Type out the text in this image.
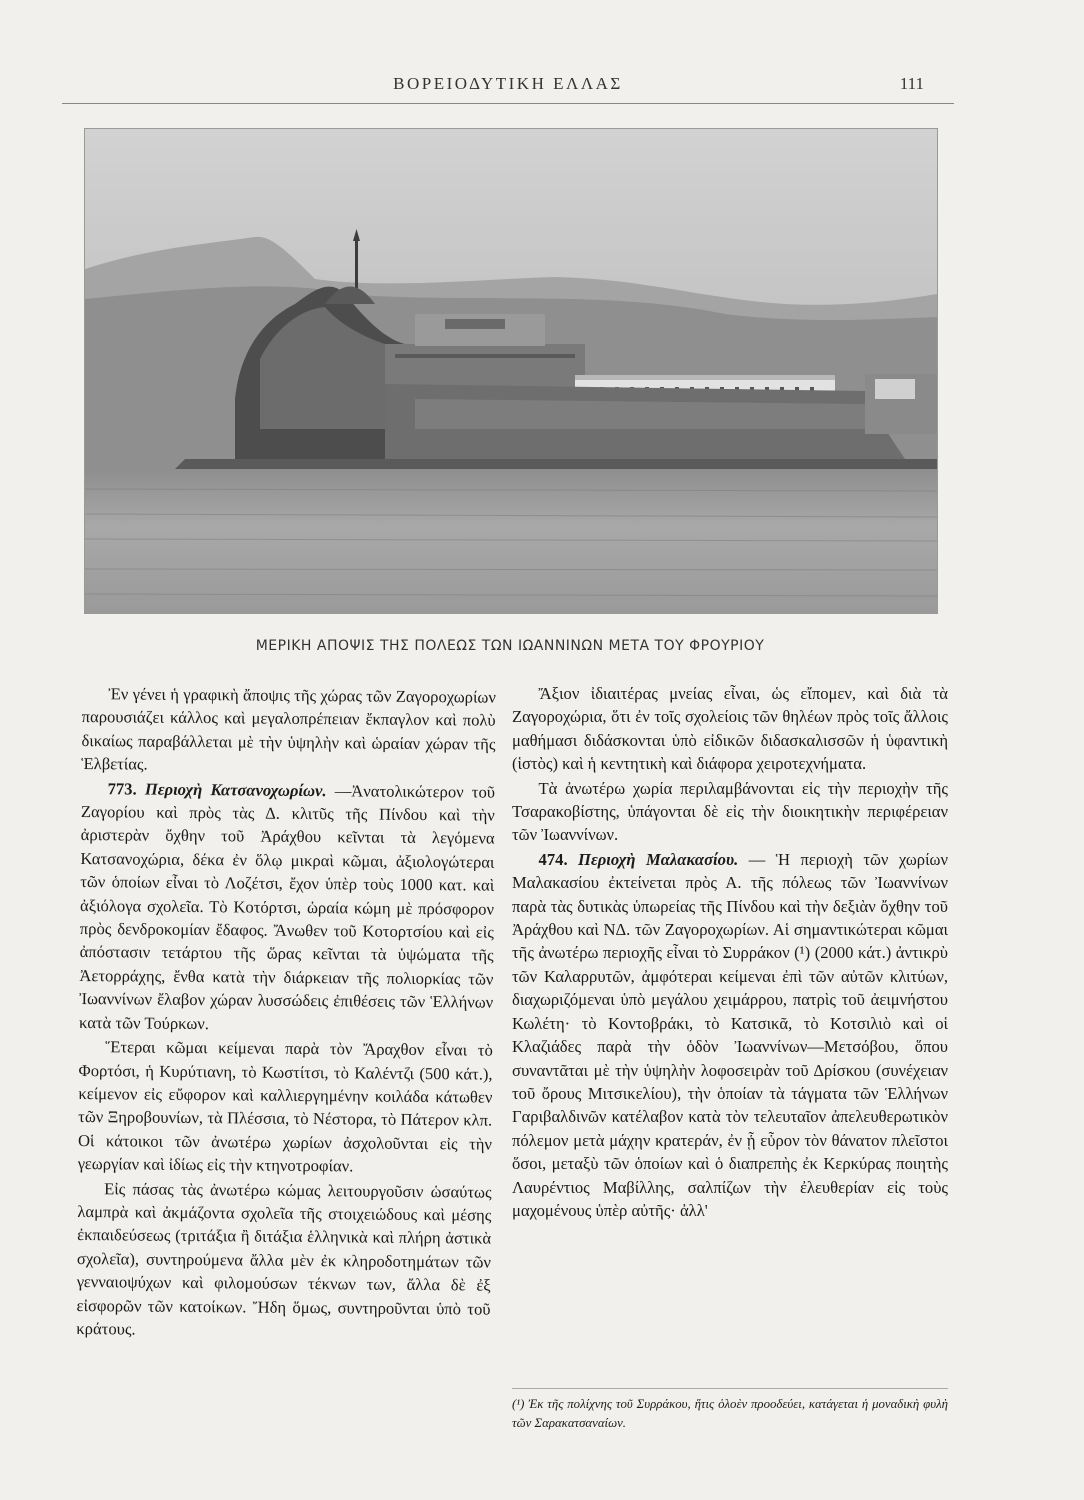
ΒΟΡΕΙΟΔΥΤΙΚΗ ΕΛΛΑΣ	111
ΜΕΡΙΚΗ ΑΠΟΨΙΣ ΤΗΣ ΠΟΛΕΩΣ ΤΩΝ ΙΩΑΝΝΙΝΩΝ ΜΕΤΑ ΤΟΥ ΦΡΟΥΡΙΟΥ

Ἐν γένει ἡ γραφικὴ ἄποψις τῆς χώρας τῶν Ζαγοροχωρίων παρουσιάζει κάλλος καὶ μεγαλοπρέπειαν ἔκπαγλον καὶ πολὺ δικαίως παραβάλλεται μὲ τὴν ὑψηλὴν καὶ ὡραίαν χώραν τῆς Ἑλβετίας.

773. Περιοχὴ Κατσανοχωρίων. —Ἀνατολικώτερον τοῦ Ζαγορίου καὶ πρὸς τὰς Δ. κλιτῦς τῆς Πίνδου καὶ τὴν ἀριστερὰν ὄχθην τοῦ Ἀράχθου κεῖνται τὰ λεγόμενα Κατσανοχώρια, δέκα ἐν ὅλῳ μικραὶ κῶμαι, ἀξιολογώτεραι τῶν ὁποίων εἶναι τὸ Λοζέτσι, ἔχον ὑπὲρ τοὺς 1000 κατ. καὶ ἀξιόλογα σχολεῖα. Τὸ Κοτόρτσι, ὡραία κώμη μὲ πρόσφορον πρὸς δενδροκομίαν ἔδαφος. Ἄνωθεν τοῦ Κοτορτσίου καὶ εἰς ἀπόστασιν τετάρτου τῆς ὥρας κεῖνται τὰ ὑψώματα τῆς Ἀετορράχης, ἔνθα κατὰ τὴν διάρκειαν τῆς πολιορκίας τῶν Ἰωαννίνων ἔλαβον χώραν λυσσώδεις ἐπιθέσεις τῶν Ἑλλήνων κατὰ τῶν Τούρκων.

Ἕτεραι κῶμαι κείμεναι παρὰ τὸν Ἄραχθον εἶναι τὸ Φορτόσι, ἡ Κυρύτιανη, τὸ Κωστίτσι, τὸ Καλέντζι (500 κάτ.), κείμενον εἰς εὔφορον καὶ καλλιεργημένην κοιλάδα κάτωθεν τῶν Ξηροβουνίων, τὰ Πλέσσια, τὸ Νέστορα, τὸ Πάτερον κλπ. Οἱ κάτοικοι τῶν ἀνωτέρω χωρίων ἀσχολοῦνται εἰς τὴν γεωργίαν καὶ ἰδίως εἰς τὴν κτηνοτροφίαν.

Εἰς πάσας τὰς ἀνωτέρω κώμας λειτουργοῦσιν ὡσαύτως λαμπρὰ καὶ ἀκμάζοντα σχολεῖα τῆς στοιχειώδους καὶ μέσης ἐκπαιδεύσεως (τριτάξια ἢ διτάξια ἑλληνικὰ καὶ πλήρη ἀστικὰ σχολεῖα), συντηρούμενα ἄλλα μὲν ἐκ κληροδοτημάτων τῶν γενναιοψύχων καὶ φιλομούσων τέκνων των, ἄλλα δὲ ἐξ εἰσφορῶν τῶν κατοίκων. Ἤδη ὅμως, συντηροῦνται ὑπὸ τοῦ κράτους.

Ἄξιον ἰδιαιτέρας μνείας εἶναι, ὡς εἴπομεν, καὶ διὰ τὰ Ζαγοροχώρια, ὅτι ἐν τοῖς σχολείοις τῶν θηλέων πρὸς τοῖς ἄλλοις μαθήμασι διδάσκονται ὑπὸ εἰδικῶν διδασκαλισσῶν ἡ ὑφαντικὴ (ἱστὸς) καὶ ἡ κεντητικὴ καὶ διάφορα χειροτεχνήματα.

Τὰ ἀνωτέρω χωρία περιλαμβάνονται εἰς τὴν περιοχὴν τῆς Τσαρακοβίστης, ὑπάγονται δὲ εἰς τὴν διοικητικὴν περιφέρειαν τῶν Ἰωαννίνων.

474. Περιοχὴ Μαλακασίου. — Ἡ περιοχὴ τῶν χωρίων Μαλακασίου ἐκτείνεται πρὸς Α. τῆς πόλεως τῶν Ἰωαννίνων παρὰ τὰς δυτικὰς ὑπωρείας τῆς Πίνδου καὶ τὴν δεξιὰν ὄχθην τοῦ Ἀράχθου καὶ ΝΔ. τῶν Ζαγοροχωρίων. Αἱ σημαντικώτεραι κῶμαι τῆς ἀνωτέρω περιοχῆς εἶναι τὸ Συρράκον (¹) (2000 κάτ.) ἀντικρὺ τῶν Καλαρρυτῶν, ἀμφότεραι κείμεναι ἐπὶ τῶν αὐτῶν κλιτύων, διαχωριζόμεναι ὑπὸ μεγάλου χειμάρρου, πατρὶς τοῦ ἀειμνήστου Κωλέτη· τὸ Κοντοβράκι, τὸ Κατσικᾶ, τὸ Κοτσιλιὸ καὶ οἱ Κλαζιάδες παρὰ τὴν ὁδὸν Ἰωαννίνων—Μετσόβου, ὅπου συναντᾶται μὲ τὴν ὑψηλὴν λοφοσειρὰν τοῦ Δρίσκου (συνέχειαν τοῦ ὄρους Μιτσικελίου), τὴν ὁποίαν τὰ τάγματα τῶν Ἑλλήνων Γαριβαλδινῶν κατέλαβον κατὰ τὸν τελευταῖον ἀπελευθερωτικὸν πόλεμον μετὰ μάχην κρατεράν, ἐν ᾗ εὗρον τὸν θάνατον πλεῖστοι ὅσοι, μεταξὺ τῶν ὁποίων καὶ ὁ διαπρεπὴς ἐκ Κερκύρας ποιητὴς Λαυρέντιος Μαβίλλης, σαλπίζων τὴν ἐλευθερίαν εἰς τοὺς μαχομένους ὑπὲρ αὐτῆς· ἀλλ'

(¹) Ἐκ τῆς πολίχνης τοῦ Συρράκου, ἥτις ὁλοὲν προοδεύει, κατάγεται ἡ μοναδικὴ φυλὴ τῶν Σαρακατσαναίων.
